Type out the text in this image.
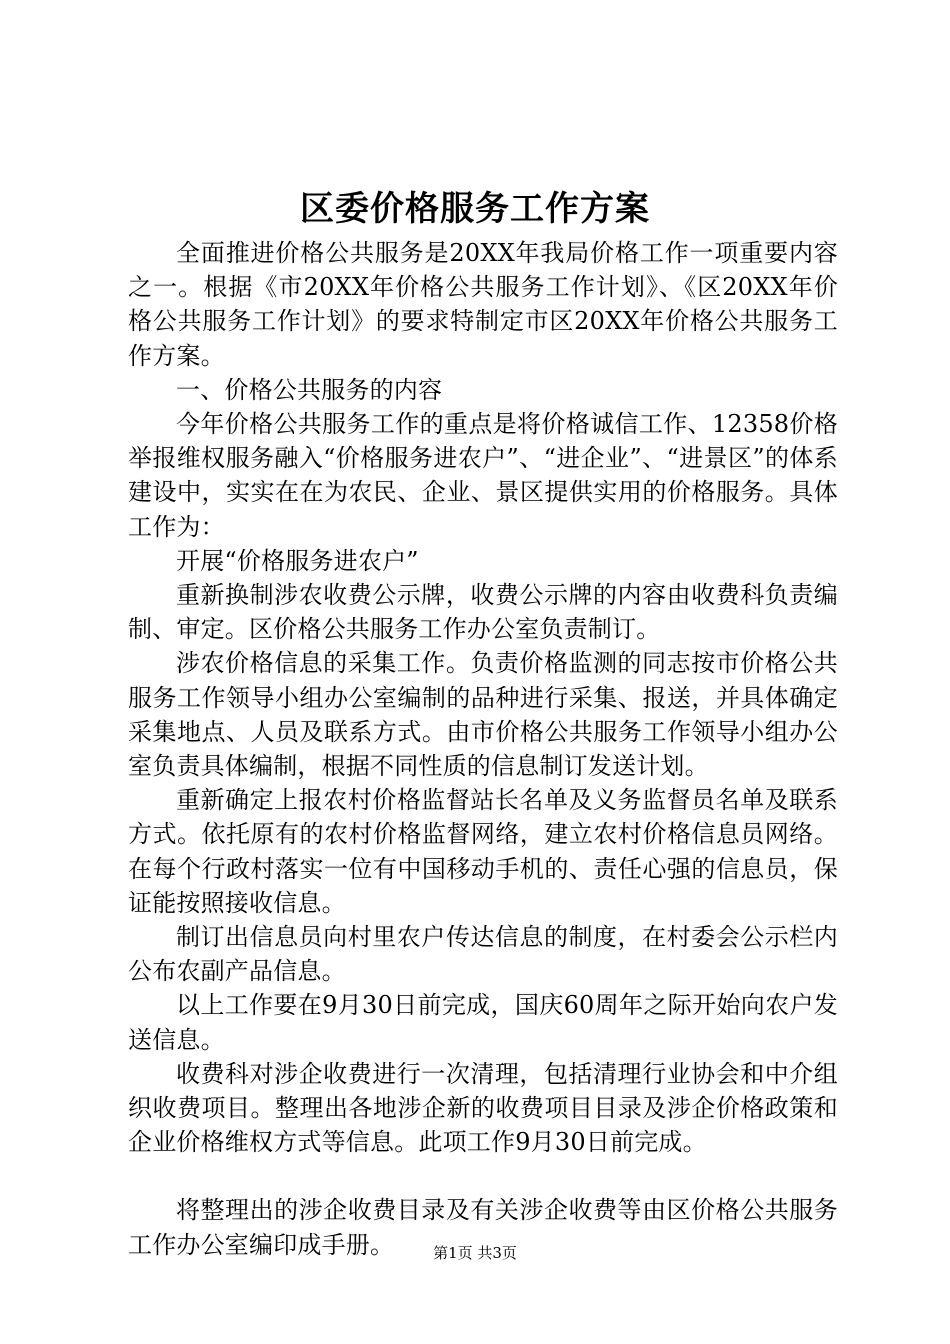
区委价格服务工作方案

全面推进价格公共服务是20XX年我局价格工作一项重要内容之一。根据《市20XX年价格公共服务工作计划》、《区20XX年价格公共服务工作计划》的要求特制定市区20XX年价格公共服务工作方案。

一、价格公共服务的内容

今年价格公共服务工作的重点是将价格诚信工作、12358价格举报维权服务融入“价格服务进农户”、“进企业”、“进景区”的体系建设中，实实在在为农民、企业、景区提供实用的价格服务。具体工作为：

开展“价格服务进农户”

重新换制涉农收费公示牌，收费公示牌的内容由收费科负责编制、审定。区价格公共服务工作办公室负责制订。

涉农价格信息的采集工作。负责价格监测的同志按市价格公共服务工作领导小组办公室编制的品种进行采集、报送，并具体确定采集地点、人员及联系方式。由市价格公共服务工作领导小组办公室负责具体编制，根据不同性质的信息制订发送计划。

重新确定上报农村价格监督站长名单及义务监督员名单及联系方式。依托原有的农村价格监督网络，建立农村价格信息员网络。在每个行政村落实一位有中国移动手机的、责任心强的信息员，保证能按照接收信息。

制订出信息员向村里农户传达信息的制度，在村委会公示栏内公布农副产品信息。

以上工作要在9月30日前完成，国庆60周年之际开始向农户发送信息。

收费科对涉企收费进行一次清理，包括清理行业协会和中介组织收费项目。整理出各地涉企新的收费项目目录及涉企价格政策和企业价格维权方式等信息。此项工作9月30日前完成。

将整理出的涉企收费目录及有关涉企收费等由区价格公共服务工作办公室编印成手册。	第1页 共3页
